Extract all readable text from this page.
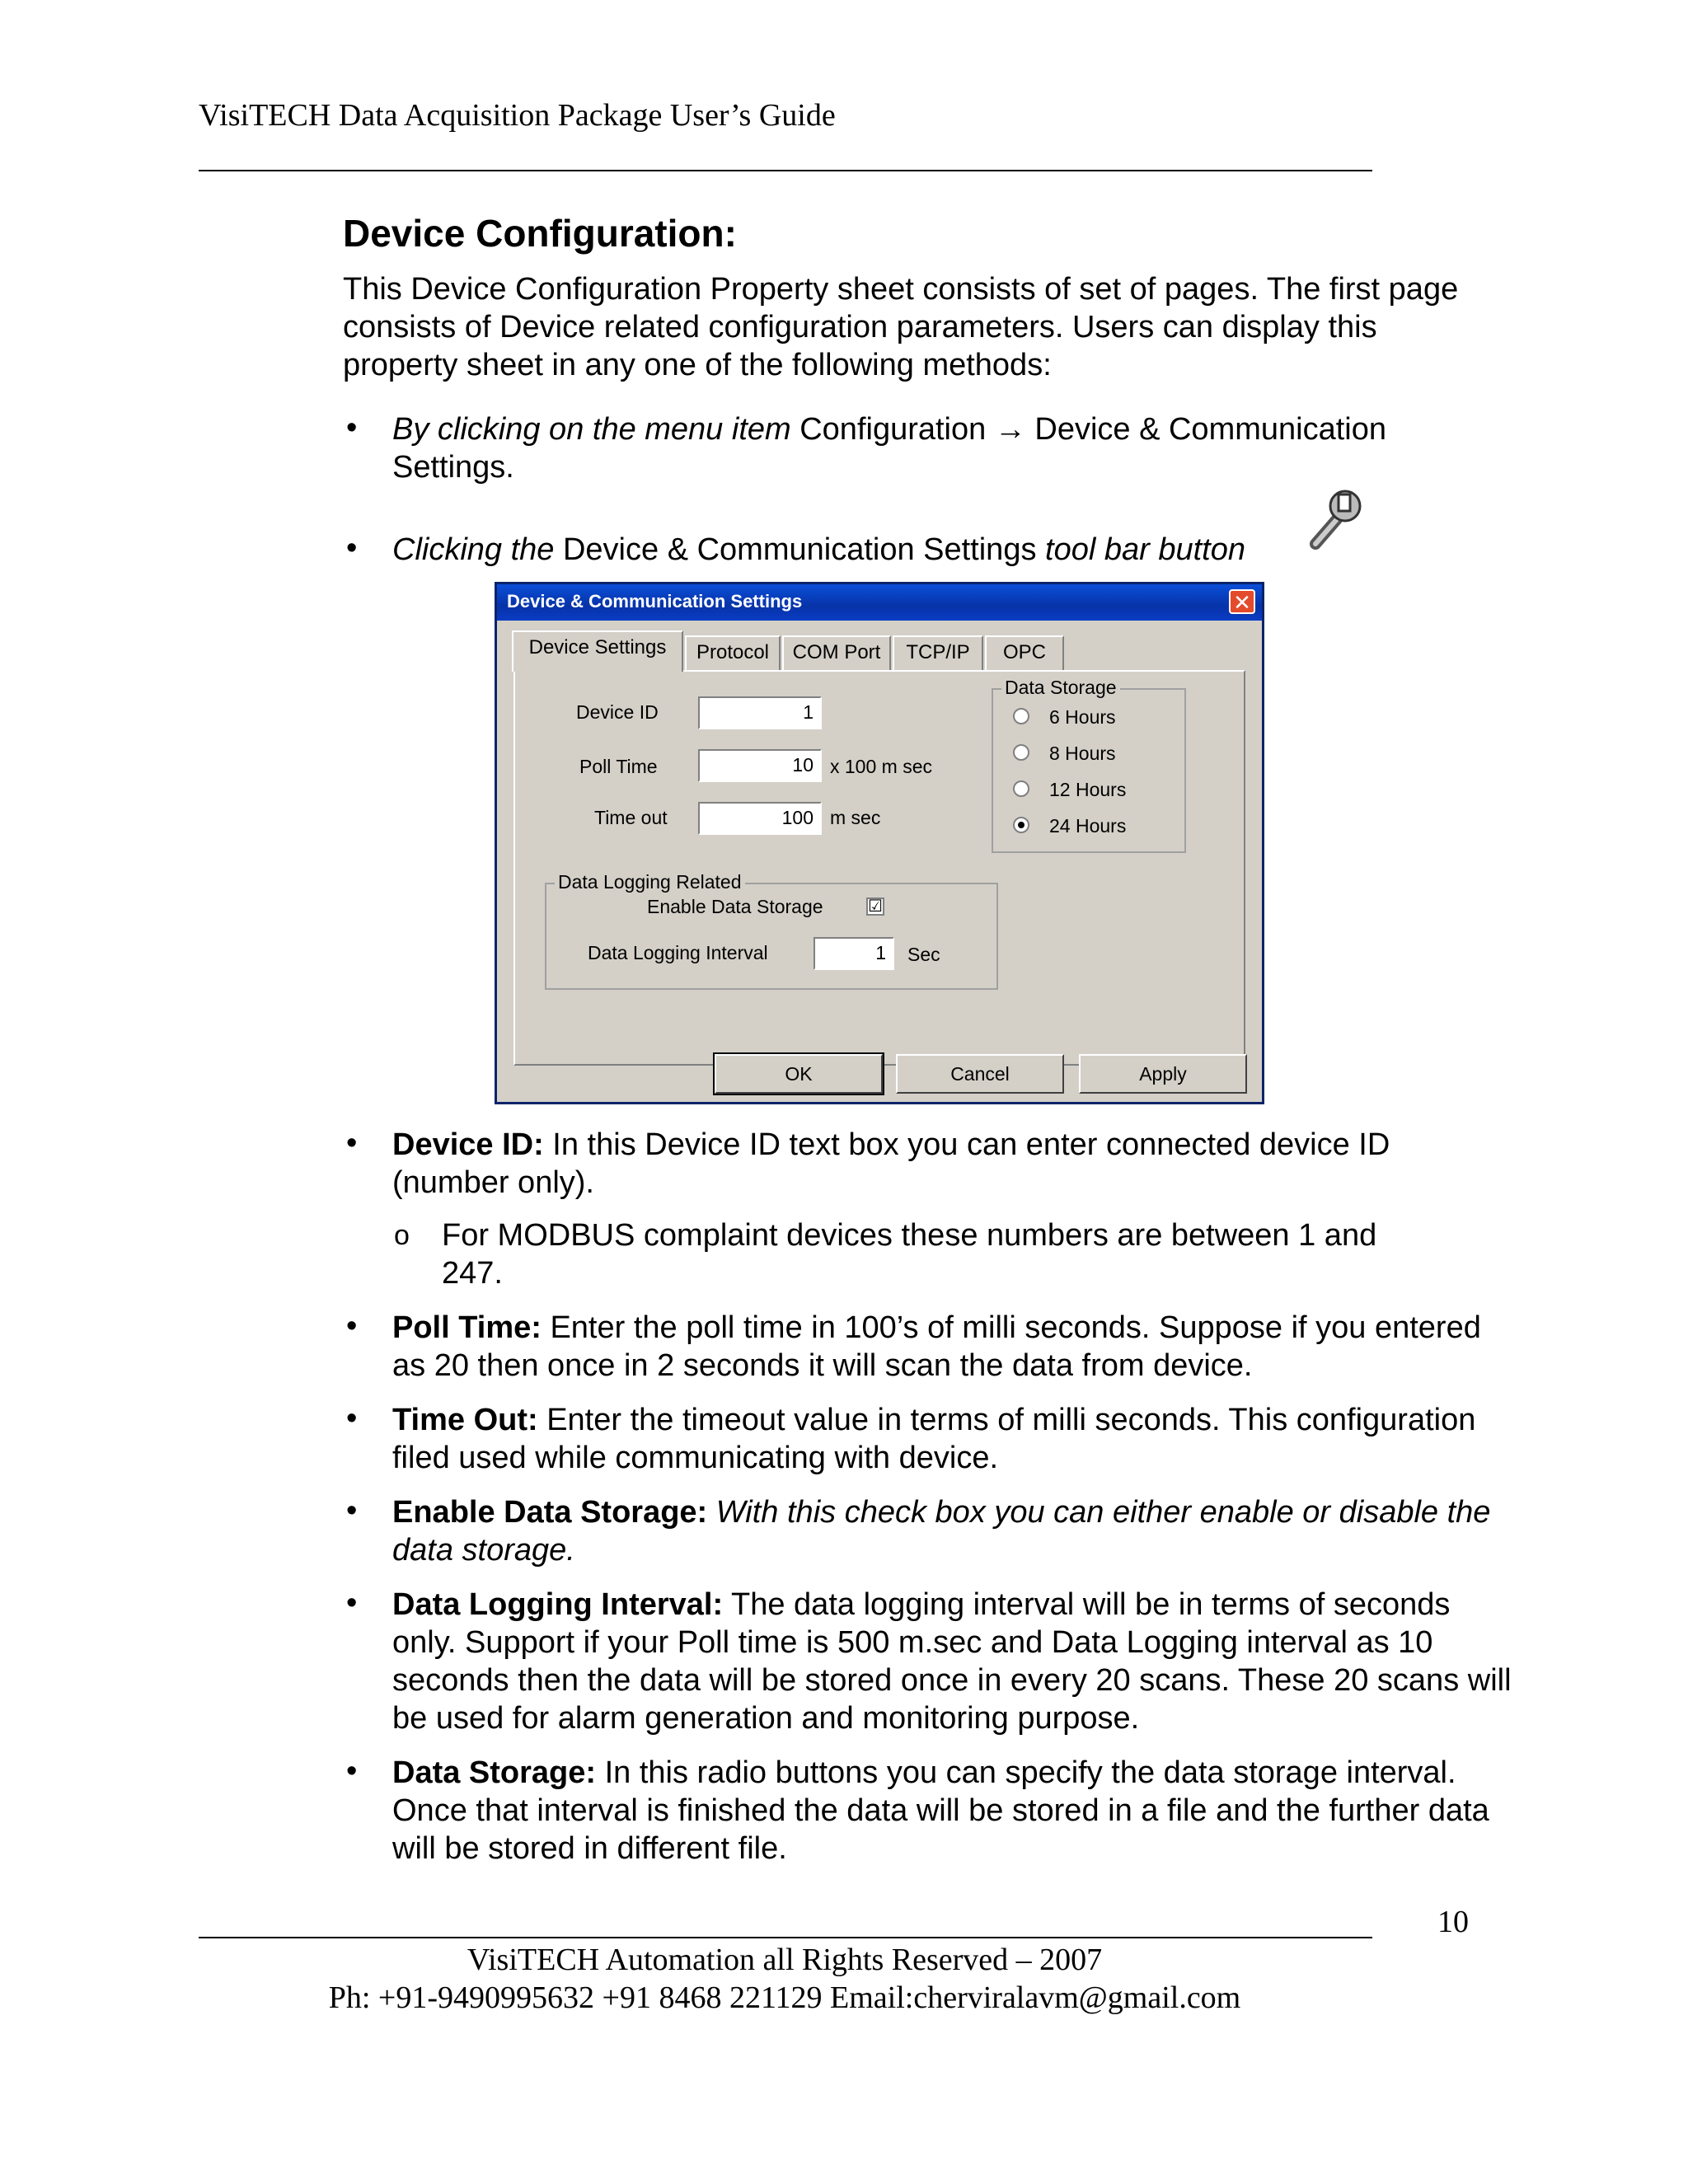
VisiTECH Data Acquisition Package User’s Guide
Device Configuration:
This Device Configuration Property sheet consists of set of pages. The first page consists of Device related configuration parameters. Users can display this property sheet in any one of the following methods:
• By clicking on the menu item Configuration → Device & Communication Settings.
• Clicking the Device & Communication Settings tool bar button
Device & Communication Settings	✕
Device Settings	Protocol	COM Port	TCP/IP	OPC
Device ID	1
Poll Time	10 x 100 m sec
Time out	100 m sec
Data Storage
6 Hours
8 Hours
12 Hours
24 Hours
Data Logging Related
Enable Data Storage	☑
Data Logging Interval	1	Sec
OK	Cancel	Apply
• Device ID: In this Device ID text box you can enter connected device ID (number only).
o For MODBUS complaint devices these numbers are between 1 and 247.
• Poll Time: Enter the poll time in 100’s of milli seconds. Suppose if you entered as 20 then once in 2 seconds it will scan the data from device.
• Time Out: Enter the timeout value in terms of milli seconds. This configuration filed used while communicating with device.
• Enable Data Storage: With this check box you can either enable or disable the data storage.
• Data Logging Interval: The data logging interval will be in terms of seconds only. Support if your Poll time is 500 m.sec and Data Logging interval as 10 seconds then the data will be stored once in every 20 scans. These 20 scans will be used for alarm generation and monitoring purpose.
• Data Storage: In this radio buttons you can specify the data storage interval. Once that interval is finished the data will be stored in a file and the further data will be stored in different file.
10
VisiTECH Automation all Rights Reserved – 2007
Ph: +91-9490995632 +91 8468 221129 Email:cherviralavm@gmail.com
